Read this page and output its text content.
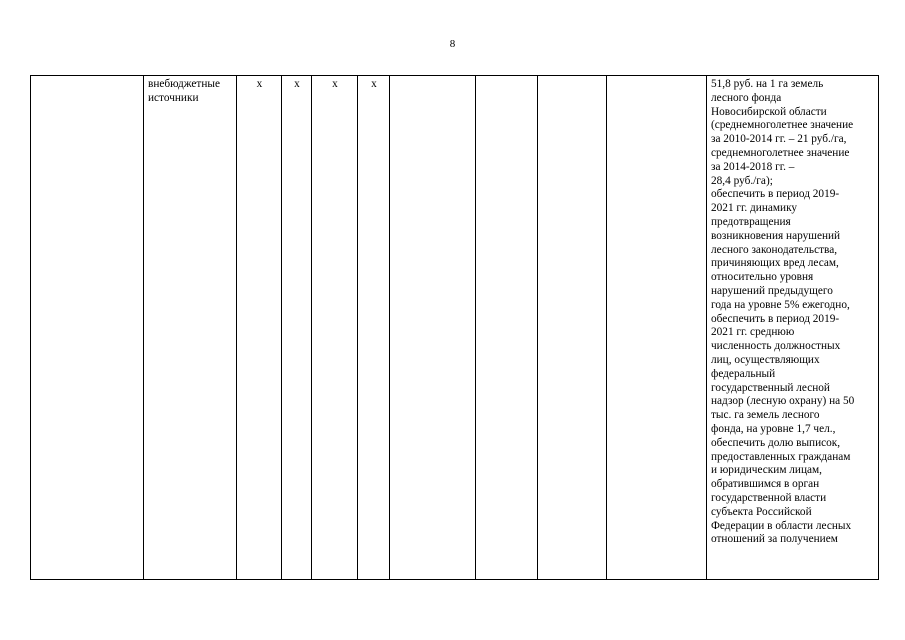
8
	внебюджетные источники	х	х	х	х					51,8 руб. на 1 га земель
лесного фонда
Новосибирской области
(среднемноголетнее значение
за 2010-2014 гг. – 21 руб./га,
среднемноголетнее значение
за 2014-2018 гг. –
28,4 руб./га);
обеспечить в период 2019-
2021 гг. динамику
предотвращения
возникновения нарушений
лесного законодательства,
причиняющих вред лесам,
относительно уровня
нарушений предыдущего
года на уровне 5% ежегодно,
обеспечить в период 2019-
2021 гг. среднюю
численность должностных
лиц, осуществляющих
федеральный
государственный лесной
надзор (лесную охрану) на 50
тыс. га земель лесного
фонда, на уровне 1,7 чел.,
обеспечить долю выписок,
предоставленных гражданам
и юридическим лицам,
обратившимся в орган
государственной власти
субъекта Российской
Федерации в области лесных
отношений за получением
